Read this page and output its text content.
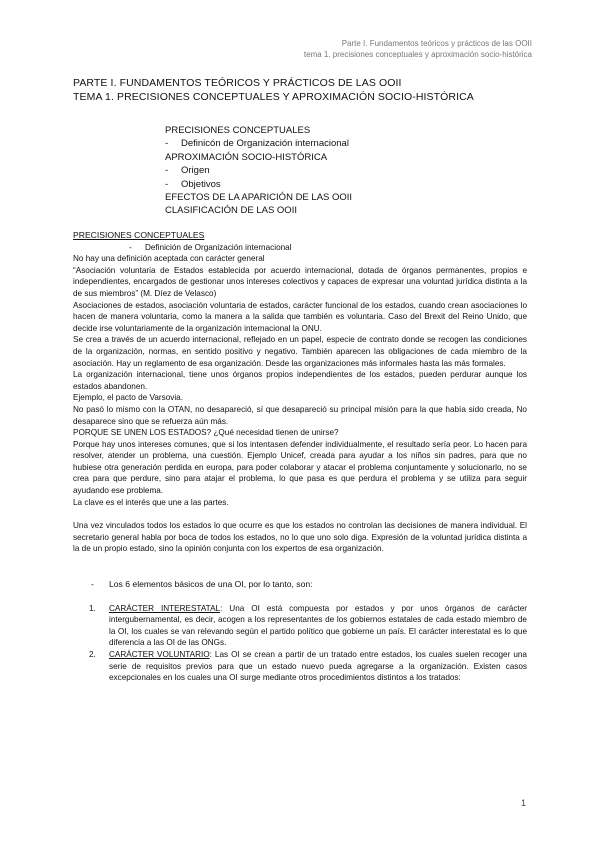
Parte I. Fundamentos teóricos y prácticos de las OOII
tema 1. precisiones conceptuales y aproximación socio-histórica
PARTE I. FUNDAMENTOS TEÓRICOS Y PRÁCTICOS DE LAS OOII
TEMA 1. PRECISIONES CONCEPTUALES Y APROXIMACIÓN SOCIO-HISTÓRICA
PRECISIONES CONCEPTUALES
- Definicón de Organización internacional
APROXIMACIÓN SOCIO-HISTÓRICA
- Origen
- Objetivos
EFECTOS DE LA APARICIÓN DE LAS OOII
CLASIFICACIÓN DE LAS OOII

PRECISIONES CONCEPTUALES

- Definición de Organización internacional

No hay una definición aceptada con carácter general

“Asociación voluntaria de Estados establecida por acuerdo internacional, dotada de órganos permanentes, propios e independientes, encargados de gestionar unos intereses colectivos y capaces de expresar una voluntad jurídica distinta a la de sus miembros” (M. Díez de Velasco)

Asociaciones de estados, asociación voluntaria de estados, carácter funcional de los estados, cuando crean asociaciones lo hacen de manera voluntaria, como la manera a la salida que también es voluntaria. Caso del Brexit del Reino Unido, que decide irse voluntariamente de la organización internacional la ONU.

Se crea a través de un acuerdo internacional, reflejado en un papel, especie de contrato donde se recogen las condiciones de la organización, normas, en sentido positivo y negativo. También aparecen las obligaciones de cada miembro de la asociación. Hay un reglamento de esa organización. Desde las organizaciones más informales hasta las más formales.

La organización internacional, tiene unos órganos propios independientes de los estados, pueden perdurar aunque los estados abandonen.

Ejemplo, el pacto de Varsovia.

No pasó lo mismo con la OTAN, no desapareció, sí que desapareció su principal misión para la que había sido creada, No desaparece sino que se refuerza aún más.

PORQUE SE UNEN LOS ESTADOS? ¿Qué necesidad tienen de unirse?

Porque hay unos intereses comunes, que si los intentasen defender individualmente, el resultado sería peor. Lo hacen para resolver, atender un problema, una cuestión. Ejemplo Unicef, creada para ayudar a los niños sin padres, para que no hubiese otra generación perdida en europa, para poder colaborar y atacar el problema conjuntamente y solucionarlo, no se crea para que perdure, sino para atajar el problema, lo que pasa es que perdura el problema y se utiliza para seguir ayudando ese problema.

La clave es el interés que une a las partes.

Una vez vinculados todos los estados lo que ocurre es que los estados no controlan las decisiones de manera individual. El secretario general habla por boca de todos los estados, no lo que uno solo diga. Expresión de la voluntad jurídica distinta a la de un propio estado, sino la opinión conjunta con los expertos de esa organización.

- Los 6 elementos básicos de una OI, por lo tanto, son:

1. CARÁCTER INTERESTATAL: Una OI está compuesta por estados y por unos órganos de carácter intergubernamental, es decir, acogen a los representantes de los gobiernos estatales de cada estado miembro de la OI, los cuales se van relevando según el partido político que gobierne un país. El carácter interestatal es lo que diferencia a las OI de las ONGs.
2. CARÁCTER VOLUNTARIO: Las OI se crean a partir de un tratado entre estados, los cuales suelen recoger una serie de requisitos previos para que un estado nuevo pueda agregarse a la organización. Existen casos excepcionales en los cuales una OI surge mediante otros procedimientos distintos a los tratados:
1
